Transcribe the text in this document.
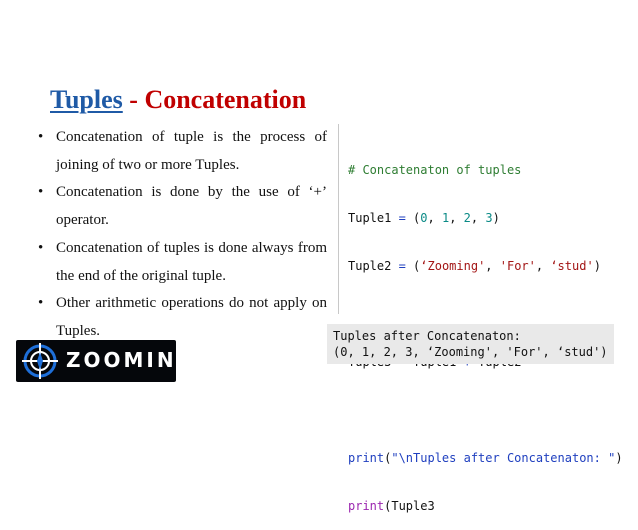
Tuples - Concatenation
• Concatenation of tuple is the process of joining of two or more Tuples.
• Concatenation is done by the use of ‘+’ operator.
• Concatenation of tuples is done always from the end of the original tuple.
• Other arithmetic operations do not apply on Tuples.

# Concatenaton of tuples

Tuple1 = (0, 1, 2, 3)

Tuple2 = (‘Zooming', 'For', ‘stud')

print("\nTuples after Concatenaton: ")

print(Tuple3

Tuples after Concatenaton:
(0, 1, 2, 3, ‘Zooming', 'For', ‘stud')
ZOOMING
